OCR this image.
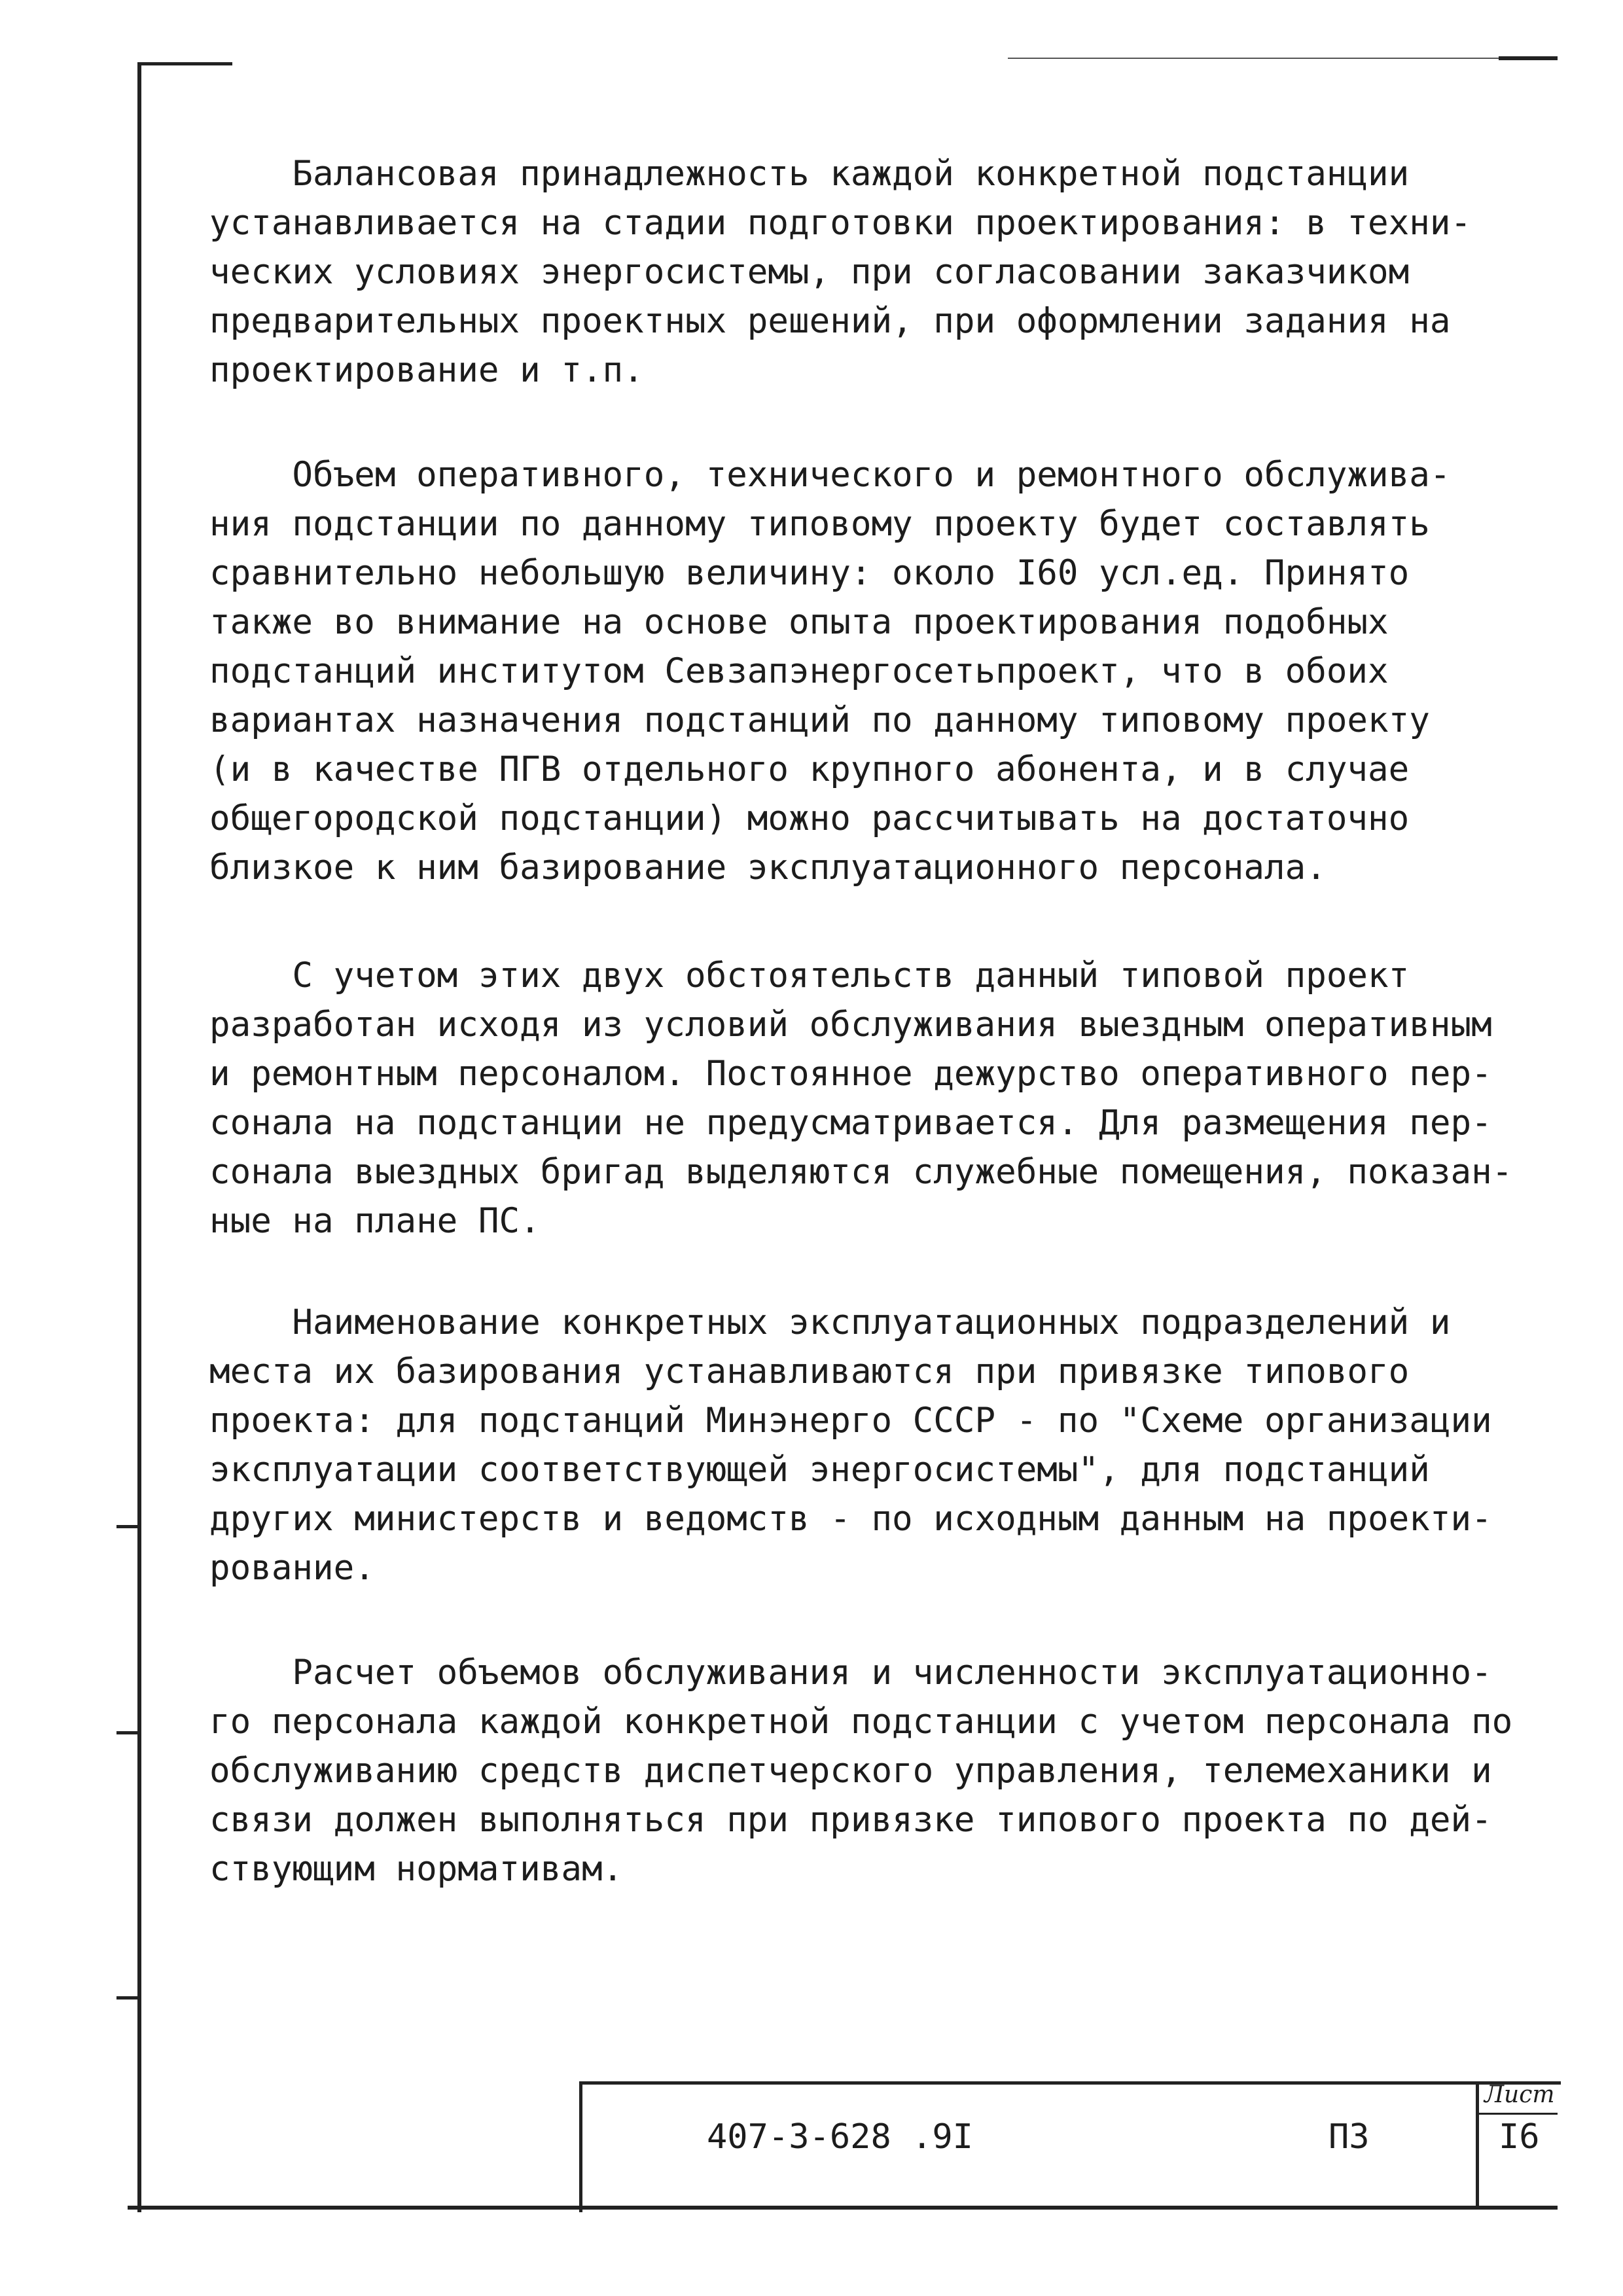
Балансовая принадлежность каждой конкретной подстанции
устанавливается на стадии подготовки проектирования: в техни-
ческих условиях энергосистемы, при согласовании заказчиком
предварительных проектных решений, при оформлении задания на
проектирование и т.п.

Объем оперативного, технического и ремонтного обслужива-
ния подстанции по данному типовому проекту будет составлять
сравнительно небольшую величину: около I60 усл.ед. Принято
также во внимание на основе опыта проектирования подобных
подстанций институтом Севзапэнергосетьпроект, что в обоих
вариантах назначения подстанций по данному типовому проекту
(и в качестве ПГВ отдельного крупного абонента, и в случае
общегородской подстанции) можно рассчитывать на достаточно
близкое к ним базирование эксплуатационного персонала.

С учетом этих двух обстоятельств данный типовой проект
разработан исходя из условий обслуживания выездным оперативным
и ремонтным персоналом. Постоянное дежурство оперативного пер-
сонала на подстанции не предусматривается. Для размещения пер-
сонала выездных бригад выделяются служебные помещения, показан-
ные на плане ПС.

Наименование конкретных эксплуатационных подразделений и
места их базирования устанавливаются при привязке типового
проекта: для подстанций Минэнерго СССР - по "Схеме организации
эксплуатации соответствующей энергосистемы", для подстанций
других министерств и ведомств - по исходным данным на проекти-
рование.

Расчет объемов обслуживания и численности эксплуатационно-
го персонала каждой конкретной подстанции с учетом персонала по
обслуживанию средств диспетчерского управления, телемеханики и
связи должен выполняться при привязке типового проекта по дей-
ствующим нормативам.

407-3-628 .9I	ПЗ
Лист
I6
